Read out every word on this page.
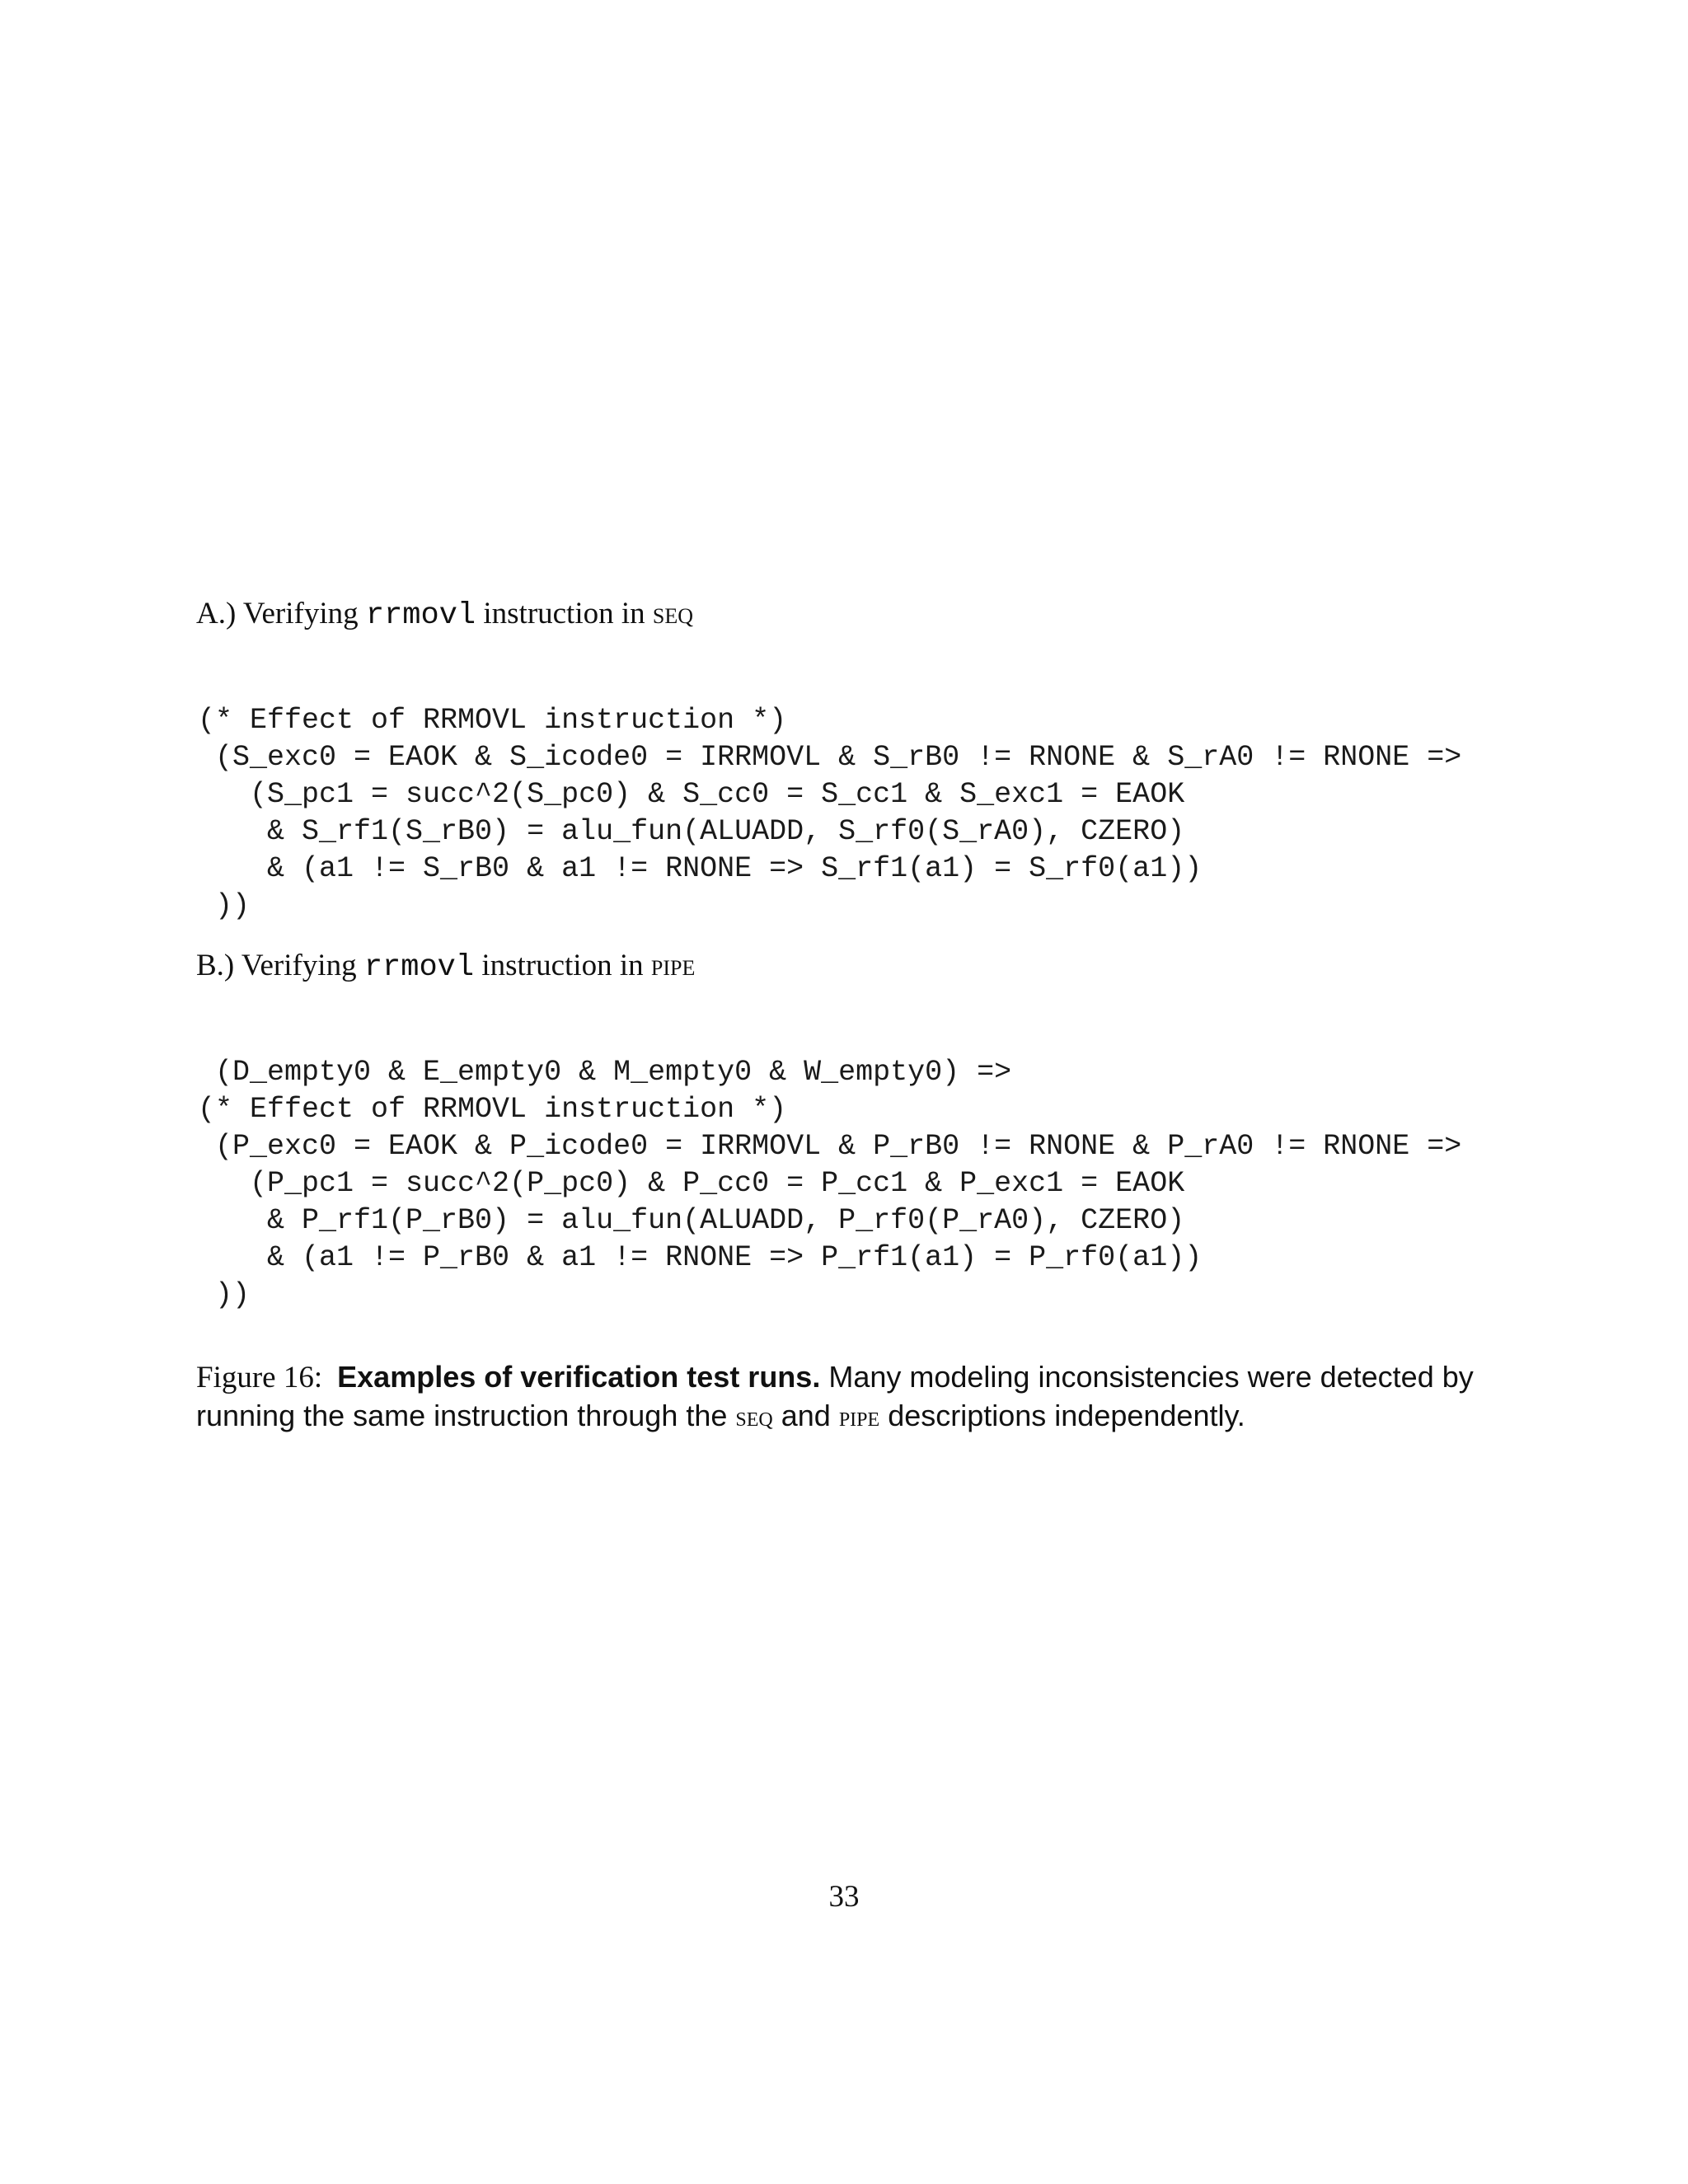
A.) Verifying rrmovl instruction in seq
(* Effect of RRMOVL instruction *)
(S_exc0 = EAOK & S_icode0 = IRRMOVL & S_rB0 != RNONE & S_rA0 != RNONE =>
(S_pc1 = succ^2(S_pc0) & S_cc0 = S_cc1 & S_exc1 = EAOK
& S_rf1(S_rB0) = alu_fun(ALUADD, S_rf0(S_rA0), CZERO)
& (a1 != S_rB0 & a1 != RNONE => S_rf1(a1) = S_rf0(a1))
))
B.) Verifying rrmovl instruction in pipe
(D_empty0 & E_empty0 & M_empty0 & W_empty0) =>
(* Effect of RRMOVL instruction *)
(P_exc0 = EAOK & P_icode0 = IRRMOVL & P_rB0 != RNONE & P_rA0 != RNONE =>
(P_pc1 = succ^2(P_pc0) & P_cc0 = P_cc1 & P_exc1 = EAOK
& P_rf1(P_rB0) = alu_fun(ALUADD, P_rf0(P_rA0), CZERO)
& (a1 != P_rB0 & a1 != RNONE => P_rf1(a1) = P_rf0(a1))
))
Figure 16: Examples of verification test runs. Many modeling inconsistencies were detected by running the same instruction through the seq and pipe descriptions independently.
33
